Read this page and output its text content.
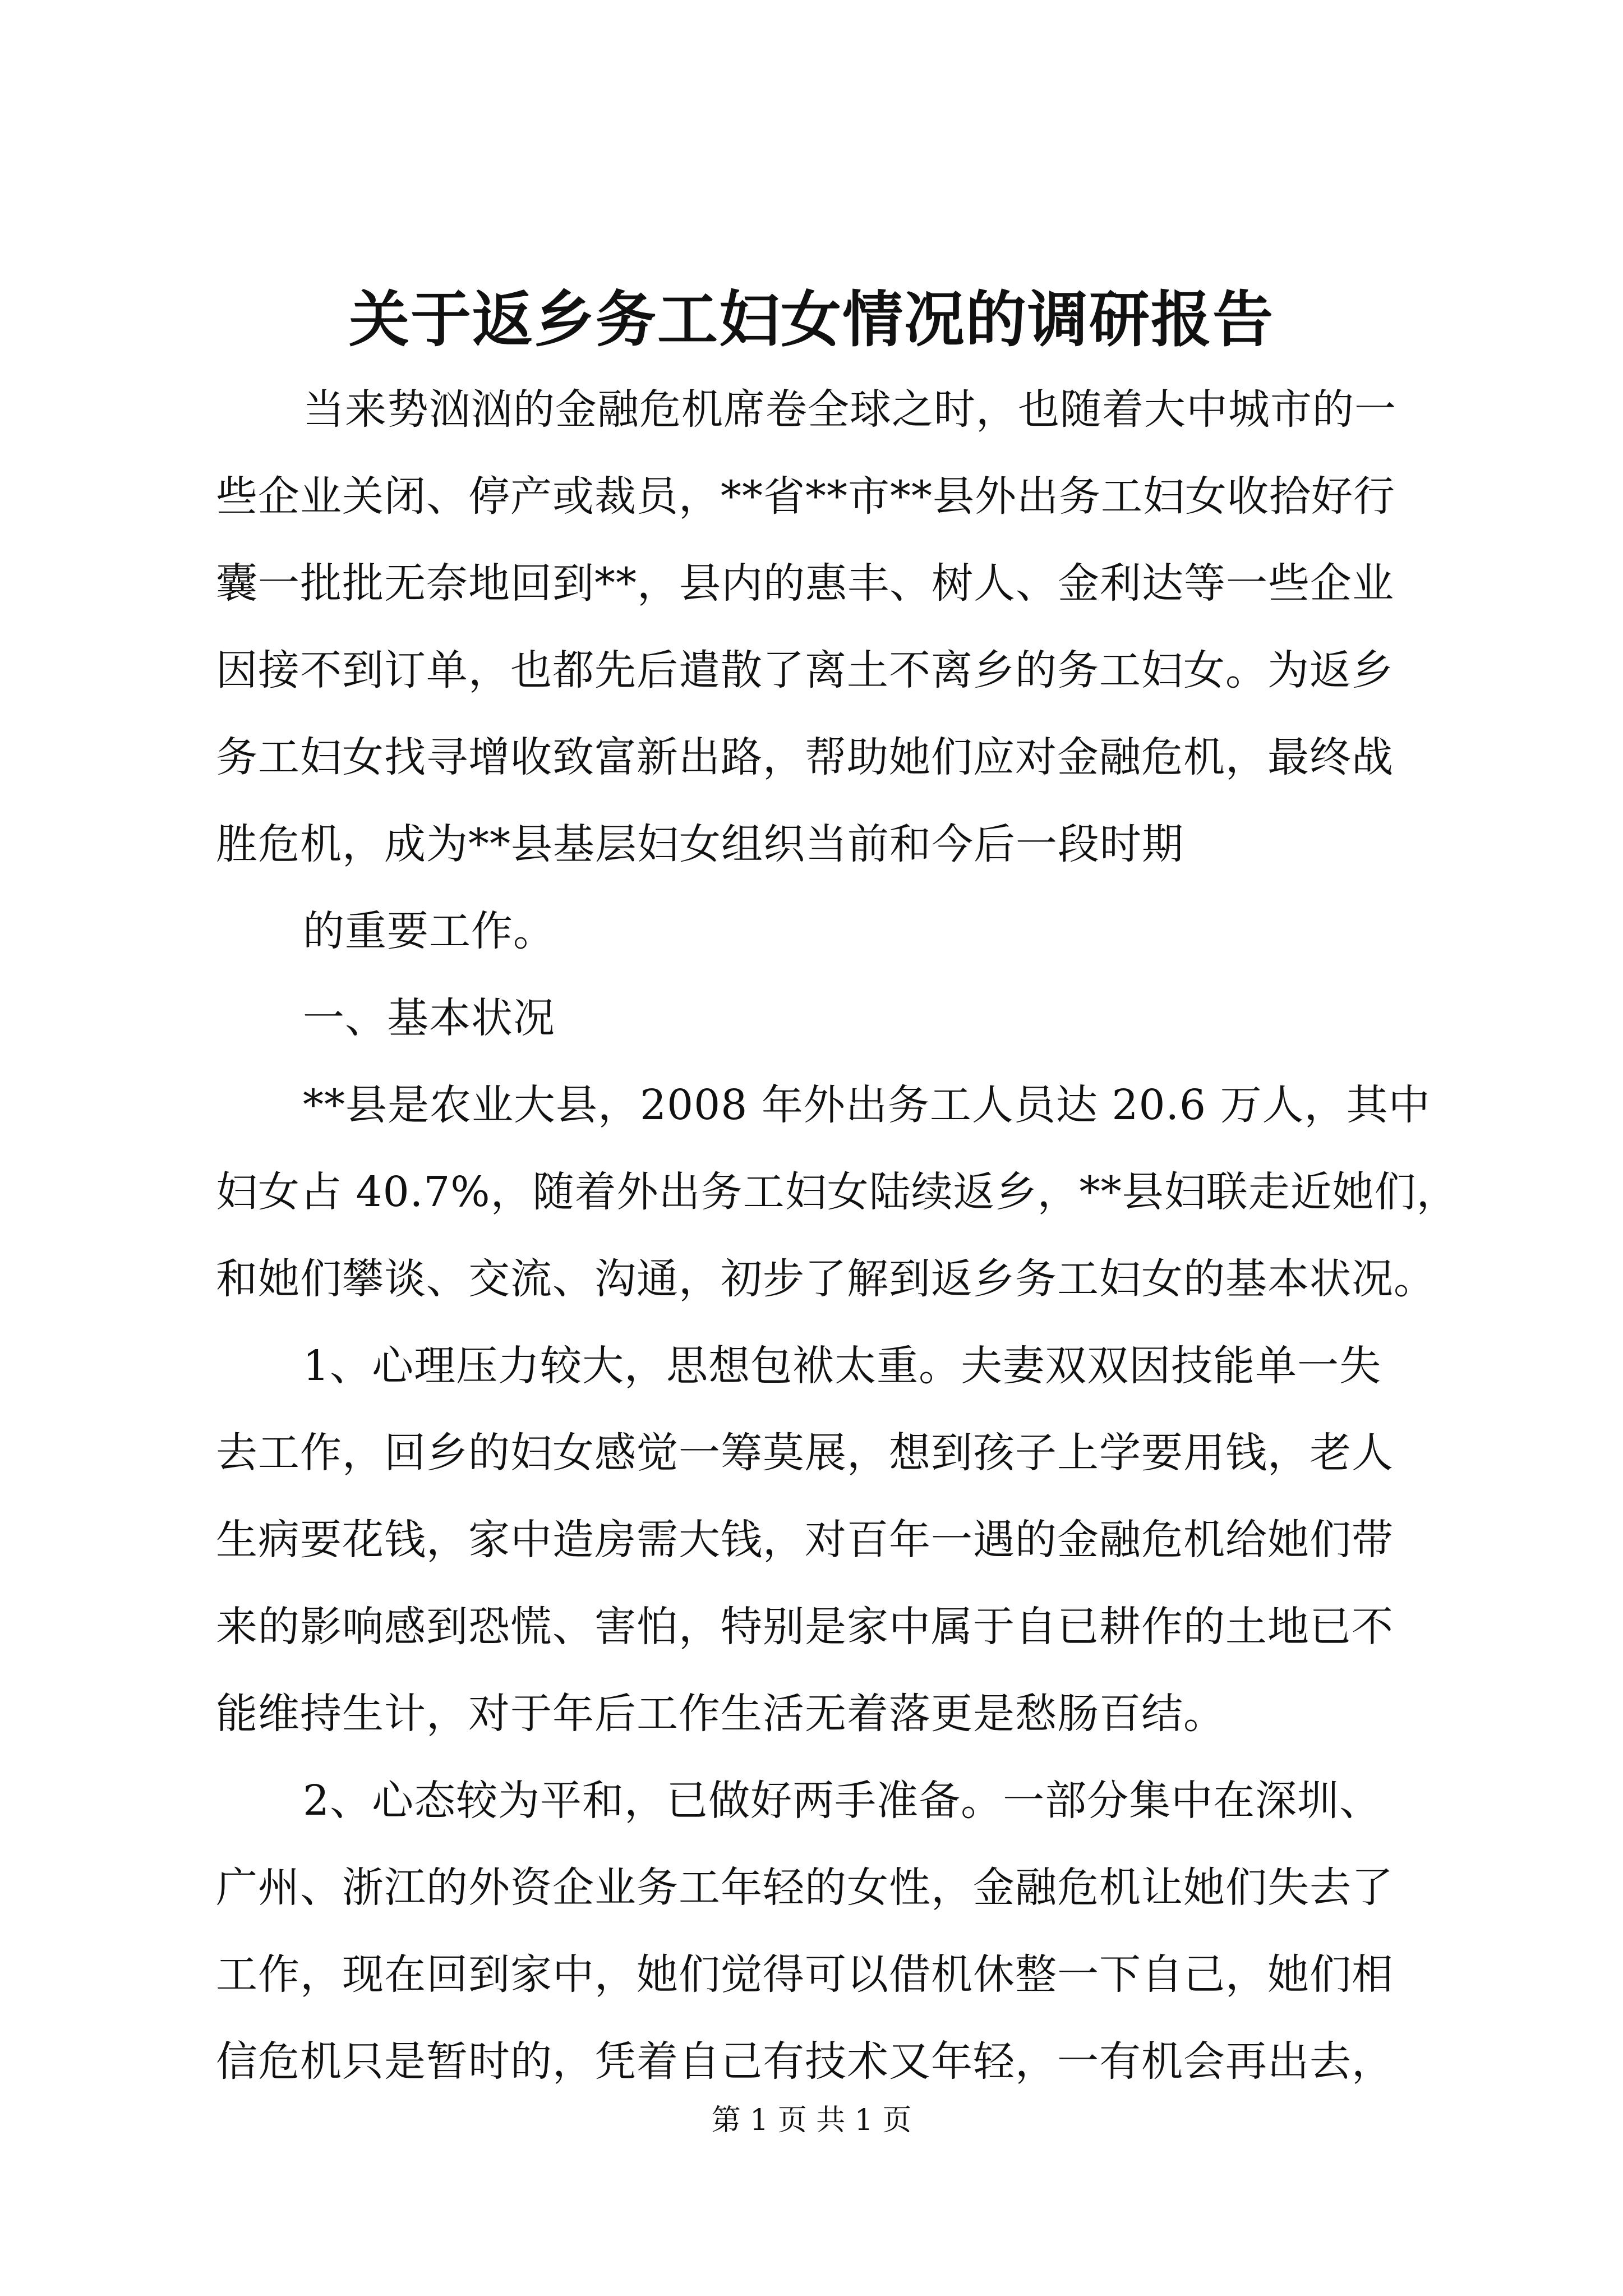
关于返乡务工妇女情况的调研报告
当来势汹汹的金融危机席卷全球之时，也随着大中城市的一
些企业关闭、停产或裁员，**省**市**县外出务工妇女收拾好行
囊一批批无奈地回到**，县内的惠丰、树人、金利达等一些企业
因接不到订单，也都先后遣散了离土不离乡的务工妇女。为返乡
务工妇女找寻增收致富新出路，帮助她们应对金融危机，最终战
胜危机，成为**县基层妇女组织当前和今后一段时期
的重要工作。
一、基本状况
**县是农业大县，2008 年外出务工人员达 20.6 万人，其中
妇女占 40.7%，随着外出务工妇女陆续返乡，**县妇联走近她们，
和她们攀谈、交流、沟通，初步了解到返乡务工妇女的基本状况。
1、心理压力较大，思想包袱太重。夫妻双双因技能单一失
去工作，回乡的妇女感觉一筹莫展，想到孩子上学要用钱，老人
生病要花钱，家中造房需大钱，对百年一遇的金融危机给她们带
来的影响感到恐慌、害怕，特别是家中属于自已耕作的土地已不
能维持生计，对于年后工作生活无着落更是愁肠百结。
2、心态较为平和，已做好两手准备。一部分集中在深圳、
广州、浙江的外资企业务工年轻的女性，金融危机让她们失去了
工作，现在回到家中，她们觉得可以借机休整一下自己，她们相
信危机只是暂时的，凭着自己有技术又年轻，一有机会再出去，
第 1 页 共 1 页
